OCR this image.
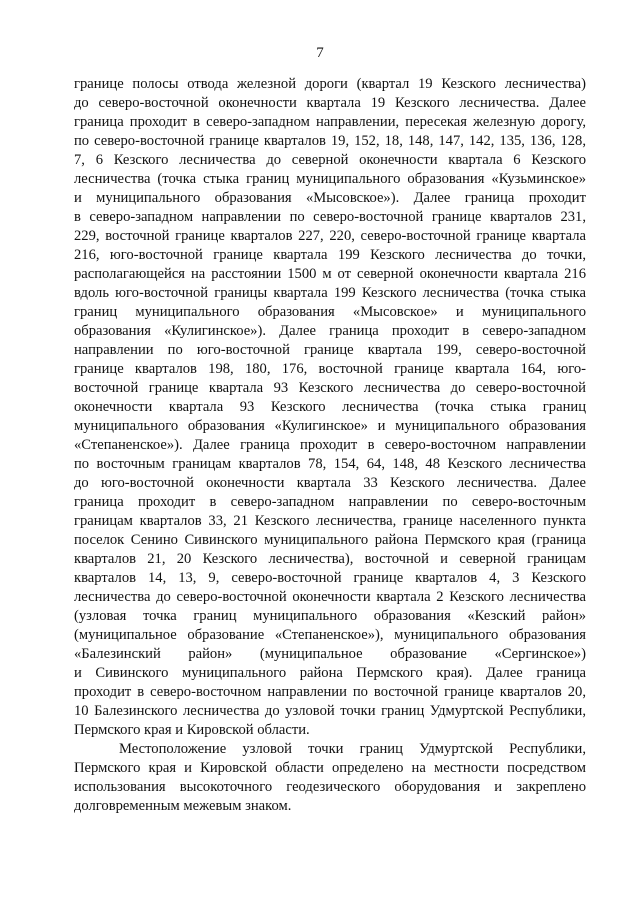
7

границе полосы отвода железной дороги (квартал 19 Кезского лесничества)
до северо-восточной оконечности квартала 19 Кезского лесничества. Далее
граница проходит в северо-западном направлении, пересекая железную дорогу,
по северо-восточной границе кварталов 19, 152, 18, 148, 147, 142, 135, 136, 128,
7, 6 Кезского лесничества до северной оконечности квартала 6 Кезского
лесничества (точка стыка границ муниципального образования «Кузьминское»
и муниципального образования «Мысовское»). Далее граница проходит
в северо-западном направлении по северо-восточной границе кварталов 231,
229, восточной границе кварталов 227, 220, северо-восточной границе квартала
216, юго-восточной границе квартала 199 Кезского лесничества до точки,
располагающейся на расстоянии 1500 м от северной оконечности квартала 216
вдоль юго-восточной границы квартала 199 Кезского лесничества (точка стыка
границ муниципального образования «Мысовское» и муниципального
образования «Кулигинское»). Далее граница проходит в северо-западном
направлении по юго-восточной границе квартала 199, северо-восточной
границе кварталов 198, 180, 176, восточной границе квартала 164, юго-
восточной границе квартала 93 Кезского лесничества до северо-восточной
оконечности квартала 93 Кезского лесничества (точка стыка границ
муниципального образования «Кулигинское» и муниципального образования
«Степаненское»). Далее граница проходит в северо-восточном направлении
по восточным границам кварталов 78, 154, 64, 148, 48 Кезского лесничества
до юго-восточной оконечности квартала 33 Кезского лесничества. Далее
граница проходит в северо-западном направлении по северо-восточным
границам кварталов 33, 21 Кезского лесничества, границе населенного пункта
поселок Сенино Сивинского муниципального района Пермского края (граница
кварталов 21, 20 Кезского лесничества), восточной и северной границам
кварталов 14, 13, 9, северо-восточной границе кварталов 4, 3 Кезского
лесничества до северо-восточной оконечности квартала 2 Кезского лесничества
(узловая точка границ муниципального образования «Кезский район»
(муниципальное образование «Степаненское»), муниципального образования
«Балезинский район» (муниципальное образование «Сергинское»)
и Сивинского муниципального района Пермского края). Далее граница
проходит в северо-восточном направлении по восточной границе кварталов 20,
10 Балезинского лесничества до узловой точки границ Удмуртской Республики,
Пермского края и Кировской области.

Местоположение узловой точки границ Удмуртской Республики,
Пермского края и Кировской области определено на местности посредством
использования высокоточного геодезического оборудования и закреплено
долговременным межевым знаком.
